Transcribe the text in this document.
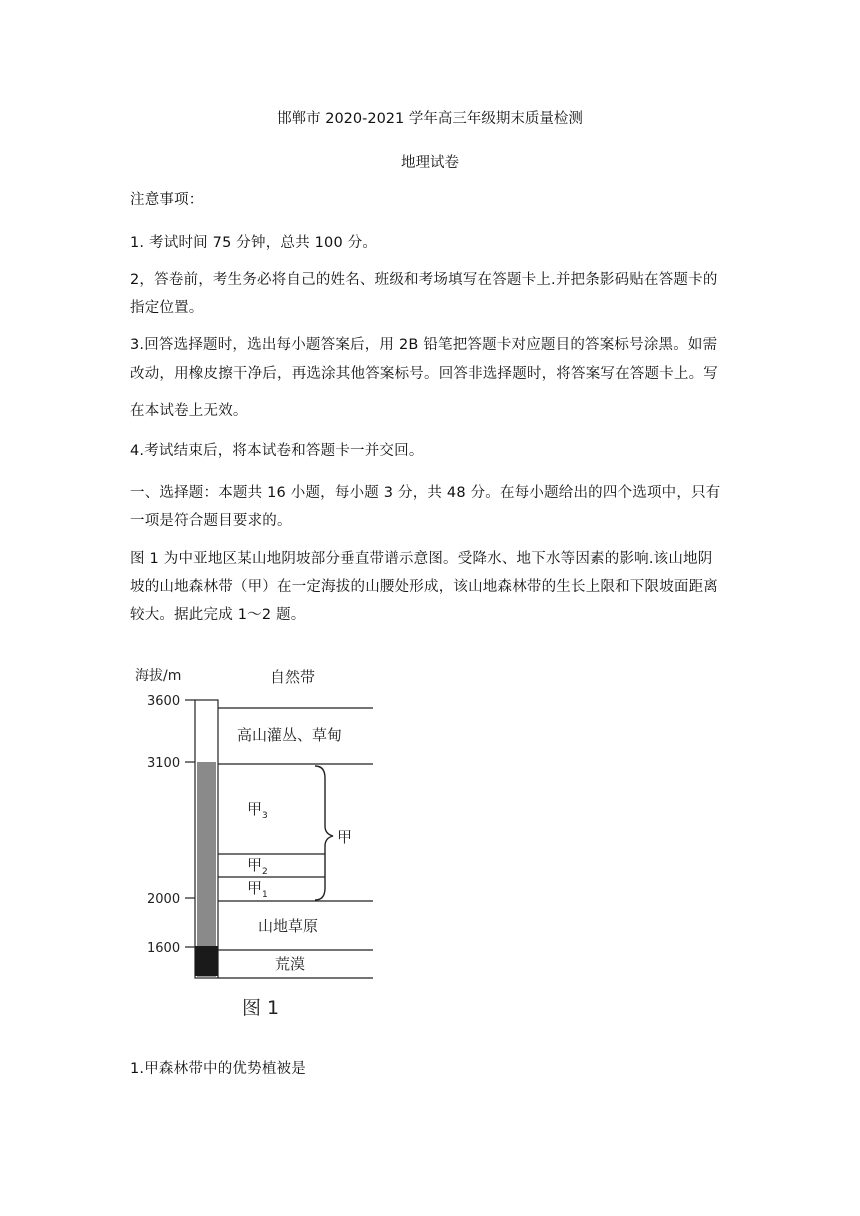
邯郸市 2020-2021 学年高三年级期末质量检测
地理试卷
注意事项：
1. 考试时间 75 分钟，总共 100 分。
2，答卷前，考生务必将自己的姓名、班级和考场填写在答题卡上.并把条影码贴在答题卡的
指定位置。
3.回答选择题时，选出每小题答案后，用 2B 铅笔把答题卡对应题目的答案标号涂黑。如需
改动，用橡皮擦干净后，再选涂其他答案标号。回答非选择题时，将答案写在答题卡上。写
在本试卷上无效。
4.考试结束后，将本试卷和答题卡一并交回。
一、选择题：本题共 16 小题，每小题 3 分，共 48 分。在每小题给出的四个选项中，只有
一项是符合题目要求的。
图 1 为中亚地区某山地阴坡部分垂直带谱示意图。受降水、地下水等因素的影响.该山地阴
坡的山地森林带（甲）在一定海拔的山腰处形成，该山地森林带的生长上限和下限坡面距离
较大。据此完成 1～2 题。
海拔/m	自然带
3600
3100
2000
1600
高山灌丛、草甸
甲$_3$
甲$_2$
甲$_1$
山地草原
荒漠
甲
图 1
1.甲森林带中的优势植被是
